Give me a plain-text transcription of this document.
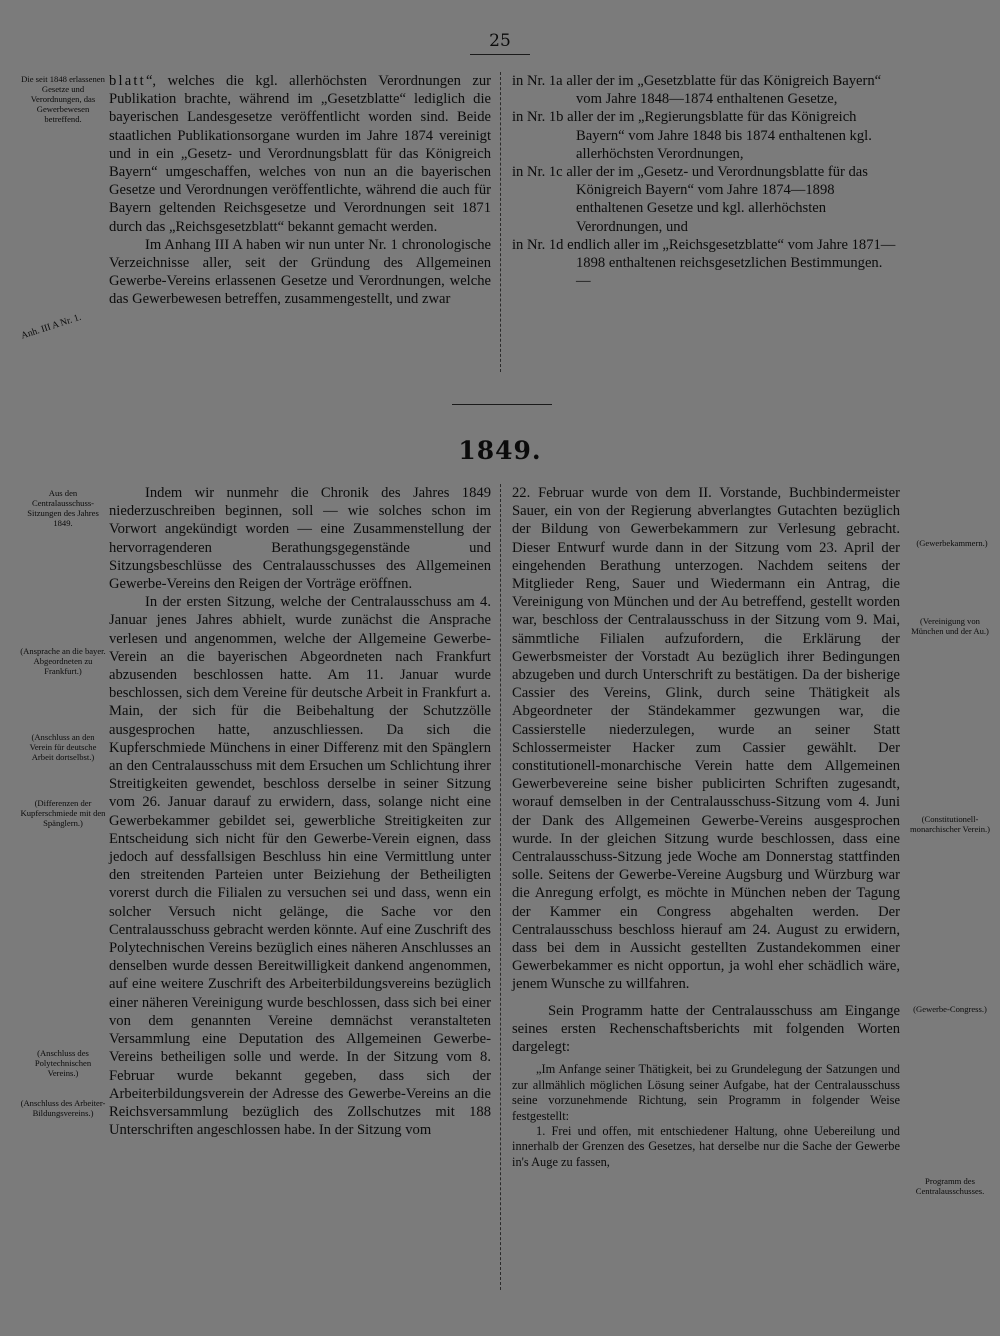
25
Die seit 1848 erlassenen Gesetze und Verordnungen, das Gewerbewesen betreffend.
Anh. III A Nr. 1.

blatt“, welches die kgl. allerhöchsten Verordnungen zur Publikation brachte, während im „Gesetzblatte“ lediglich die bayerischen Landesgesetze veröffentlicht worden sind. Beide staatlichen Publikationsorgane wurden im Jahre 1874 vereinigt und in ein „Gesetz- und Verordnungsblatt für das Königreich Bayern“ umgeschaffen, welches von nun an die bayerischen Gesetze und Verordnungen veröffentlichte, während die auch für Bayern geltenden Reichsgesetze und Verordnungen seit 1871 durch das „Reichsgesetzblatt“ bekannt gemacht werden.

Im Anhang III A haben wir nun unter Nr. 1 chronologische Verzeichnisse aller, seit der Gründung des Allgemeinen Gewerbe-Vereins erlassenen Gesetze und Verordnungen, welche das Gewerbewesen betreffen, zusammengestellt, und zwar

in Nr. 1a aller der im „Gesetzblatte für das Königreich Bayern“ vom Jahre 1848—1874 enthaltenen Gesetze,

in Nr. 1b aller der im „Regierungsblatte für das Königreich Bayern“ vom Jahre 1848 bis 1874 enthaltenen kgl. allerhöchsten Verordnungen,

in Nr. 1c aller der im „Gesetz- und Verordnungsblatte für das Königreich Bayern“ vom Jahre 1874—1898 enthaltenen Gesetze und kgl. allerhöchsten Verordnungen, und

in Nr. 1d endlich aller im „Reichsgesetzblatte“ vom Jahre 1871—1898 enthaltenen reichsgesetzlichen Bestimmungen. —

1849.
Aus den Centralausschuss-Sitzungen des Jahres 1849.
(Ansprache an die bayer. Abgeordneten zu Frankfurt.)
(Anschluss an den Verein für deutsche Arbeit dortselbst.)
(Differenzen der Kupferschmiede mit den Spänglern.)
(Anschluss des Polytechnischen Vereins.)
(Anschluss des Arbeiter-Bildungsvereins.)

Indem wir nunmehr die Chronik des Jahres 1849 niederzuschreiben beginnen, soll — wie solches schon im Vorwort angekündigt worden — eine Zusammenstellung der hervorragenderen Berathungsgegenstände und Sitzungsbeschlüsse des Centralausschusses des Allgemeinen Gewerbe-Vereins den Reigen der Vorträge eröffnen.

In der ersten Sitzung, welche der Centralausschuss am 4. Januar jenes Jahres abhielt, wurde zunächst die Ansprache verlesen und angenommen, welche der Allgemeine Gewerbe-Verein an die bayerischen Abgeordneten nach Frankfurt abzusenden beschlossen hatte. Am 11. Januar wurde beschlossen, sich dem Vereine für deutsche Arbeit in Frankfurt a. Main, der sich für die Beibehaltung der Schutzzölle ausgesprochen hatte, anzuschliessen. Da sich die Kupferschmiede Münchens in einer Differenz mit den Spänglern an den Centralausschuss mit dem Ersuchen um Schlichtung ihrer Streitigkeiten gewendet, beschloss derselbe in seiner Sitzung vom 26. Januar darauf zu erwidern, dass, solange nicht eine Gewerbekammer gebildet sei, gewerbliche Streitigkeiten zur Entscheidung sich nicht für den Gewerbe-Verein eignen, dass jedoch auf dessfallsigen Beschluss hin eine Vermittlung unter den streitenden Parteien unter Beiziehung der Betheiligten vorerst durch die Filialen zu versuchen sei und dass, wenn ein solcher Versuch nicht gelänge, die Sache vor den Centralausschuss gebracht werden könnte. Auf eine Zuschrift des Polytechnischen Vereins bezüglich eines näheren Anschlusses an denselben wurde dessen Bereitwilligkeit dankend angenommen, auf eine weitere Zuschrift des Arbeiterbildungsvereins bezüglich einer näheren Vereinigung wurde beschlossen, dass sich bei einer von dem genannten Vereine demnächst veranstalteten Versammlung eine Deputation des Allgemeinen Gewerbe-Vereins betheiligen solle und werde. In der Sitzung vom 8. Februar wurde bekannt gegeben, dass sich der Arbeiterbildungsverein der Adresse des Gewerbe-Vereins an die Reichsversammlung bezüglich des Zollschutzes mit 188 Unterschriften angeschlossen habe. In der Sitzung vom

22. Februar wurde von dem II. Vorstande, Buchbindermeister Sauer, ein von der Regierung abverlangtes Gutachten bezüglich der Bildung von Gewerbekammern zur Verlesung gebracht. Dieser Entwurf wurde dann in der Sitzung vom 23. April der eingehenden Berathung unterzogen. Nachdem seitens der Mitglieder Reng, Sauer und Wiedermann ein Antrag, die Vereinigung von München und der Au betreffend, gestellt worden war, beschloss der Centralausschuss in der Sitzung vom 9. Mai, sämmtliche Filialen aufzufordern, die Erklärung der Gewerbsmeister der Vorstadt Au bezüglich ihrer Bedingungen abzugeben und durch Unterschrift zu bestätigen. Da der bisherige Cassier des Vereins, Glink, durch seine Thätigkeit als Abgeordneter der Ständekammer gezwungen war, die Cassierstelle niederzulegen, wurde an seiner Statt Schlossermeister Hacker zum Cassier gewählt. Der constitutionell-monarchische Verein hatte dem Allgemeinen Gewerbevereine seine bisher publicirten Schriften zugesandt, worauf demselben in der Centralausschuss-Sitzung vom 4. Juni der Dank des Allgemeinen Gewerbe-Vereins ausgesprochen wurde. In der gleichen Sitzung wurde beschlossen, dass eine Centralausschuss-Sitzung jede Woche am Donnerstag stattfinden solle. Seitens der Gewerbe-Vereine Augsburg und Würzburg war die Anregung erfolgt, es möchte in München neben der Tagung der Kammer ein Congress abgehalten werden. Der Centralausschuss beschloss hierauf am 24. August zu erwidern, dass bei dem in Aussicht gestellten Zustandekommen einer Gewerbekammer es nicht opportun, ja wohl eher schädlich wäre, jenem Wunsche zu willfahren.

Sein Programm hatte der Centralausschuss am Eingange seines ersten Rechenschaftsberichts mit folgenden Worten dargelegt:

„Im Anfange seiner Thätigkeit, bei zu Grundelegung der Satzungen und zur allmählich möglichen Lösung seiner Aufgabe, hat der Centralausschuss seine vorzunehmende Richtung, sein Programm in folgender Weise festgestellt:

1. Frei und offen, mit entschiedener Haltung, ohne Uebereilung und innerhalb der Grenzen des Gesetzes, hat derselbe nur die Sache der Gewerbe in's Auge zu fassen,

(Gewerbekammern.)
(Vereinigung von München und der Au.)
(Constitutionell-monarchischer Verein.)
(Gewerbe-Congress.)
Programm des Centralausschusses.
